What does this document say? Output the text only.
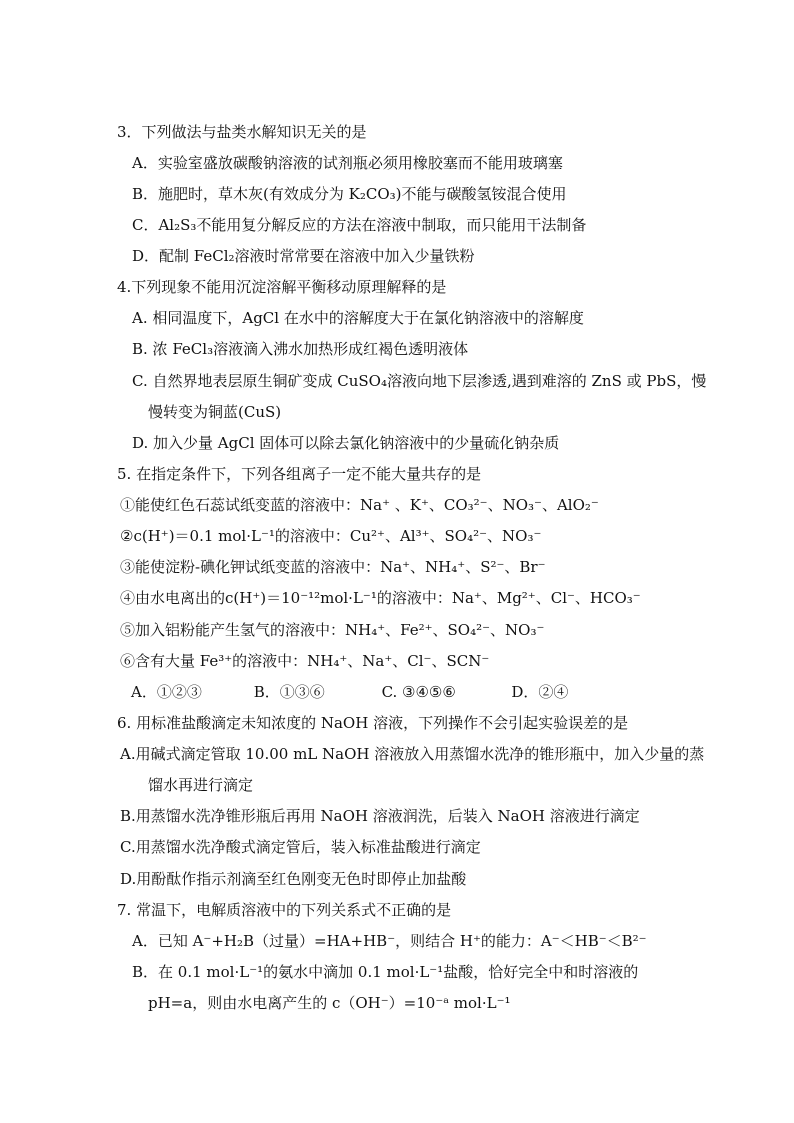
3．下列做法与盐类水解知识无关的是
A．实验室盛放碳酸钠溶液的试剂瓶必须用橡胶塞而不能用玻璃塞
B．施肥时，草木灰(有效成分为 K₂CO₃)不能与碳酸氢铵混合使用
C．Al₂S₃不能用复分解反应的方法在溶液中制取，而只能用干法制备
D．配制 FeCl₂溶液时常常要在溶液中加入少量铁粉
4.下列现象不能用沉淀溶解平衡移动原理解释的是
A. 相同温度下，AgCl 在水中的溶解度大于在氯化钠溶液中的溶解度
B. 浓 FeCl₃溶液滴入沸水加热形成红褐色透明液体
C. 自然界地表层原生铜矿变成 CuSO₄溶液向地下层渗透,遇到难溶的 ZnS 或 PbS，慢
慢转变为铜蓝(CuS)
D. 加入少量 AgCl 固体可以除去氯化钠溶液中的少量硫化钠杂质
5. 在指定条件下，下列各组离子一定不能大量共存的是
①能使红色石蕊试纸变蓝的溶液中：Na⁺ 、K⁺、CO₃²⁻、NO₃⁻、AlO₂⁻
②c(H⁺)＝0.1 mol·L⁻¹的溶液中：Cu²⁺、Al³⁺、SO₄²⁻、NO₃⁻
③能使淀粉-碘化钾试纸变蓝的溶液中：Na⁺、NH₄⁺、S²⁻、Br⁻
④由水电离出的c(H⁺)＝10⁻¹²mol·L⁻¹的溶液中：Na⁺、Mg²⁺、Cl⁻、HCO₃⁻
⑤加入铝粉能产生氢气的溶液中：NH₄⁺、Fe²⁺、SO₄²⁻、NO₃⁻
⑥含有大量 Fe³⁺的溶液中：NH₄⁺、Na⁺、Cl⁻、SCN⁻
A．①②③	B．①③⑥	C. ③④⑤⑥	D．②④
6. 用标准盐酸滴定未知浓度的 NaOH 溶液，下列操作不会引起实验误差的是
A.用碱式滴定管取 10.00 mL NaOH 溶液放入用蒸馏水洗净的锥形瓶中，加入少量的蒸
馏水再进行滴定
B.用蒸馏水洗净锥形瓶后再用 NaOH 溶液润洗，后装入 NaOH 溶液进行滴定
C.用蒸馏水洗净酸式滴定管后，装入标准盐酸进行滴定
D.用酚酞作指示剂滴至红色刚变无色时即停止加盐酸
7. 常温下，电解质溶液中的下列关系式不正确的是
A．已知 A⁻+H₂B（过量）=HA+HB⁻，则结合 H⁺的能力：A⁻＜HB⁻＜B²⁻
B．在 0.1 mol·L⁻¹的氨水中滴加 0.1 mol·L⁻¹盐酸，恰好完全中和时溶液的
pH=a，则由水电离产生的 c（OH⁻）=10⁻ᵃ mol·L⁻¹
